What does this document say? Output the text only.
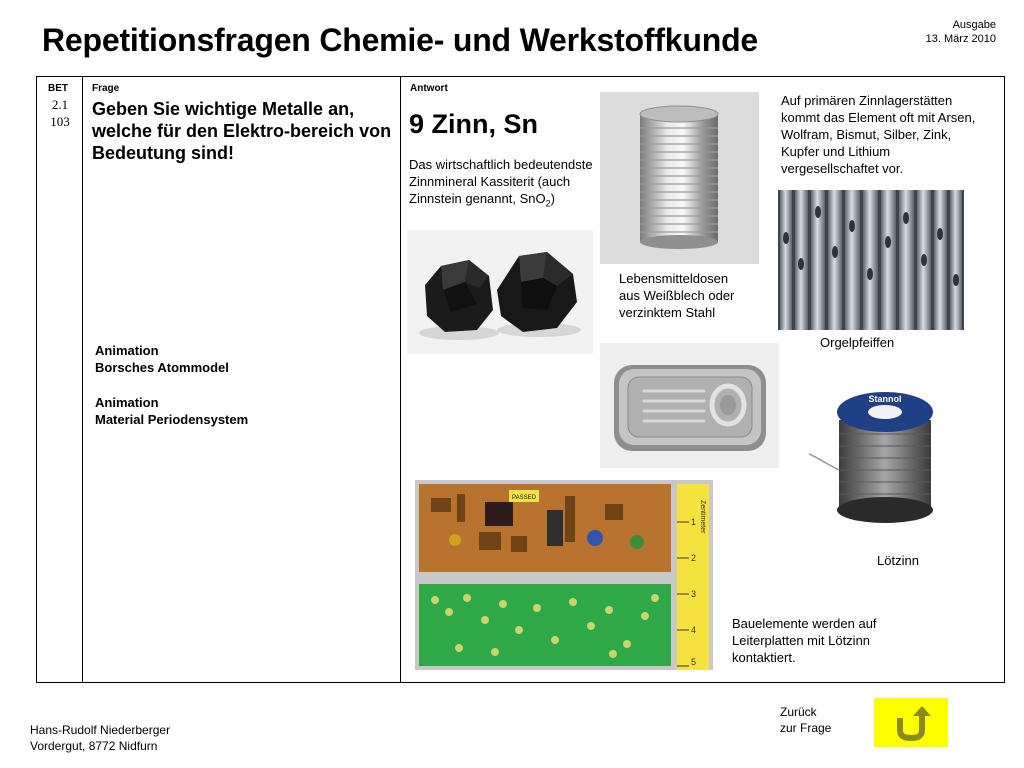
Repetitionsfragen Chemie- und Werkstoffkunde	Ausgabe
13. März 2010
BET
2.1
103
Frage
Geben Sie wichtige Metalle an, welche für den Elektro-bereich von Bedeutung sind!
Animation
Borsches Atommodel
Animation
Material Periodensystem
Antwort
9 Zinn, Sn
Das wirtschaftlich bedeutendste Zinnmineral Kassiterit (auch Zinnstein genannt, SnO$_2$)
Lebensmitteldosen aus Weißblech oder verzinktem Stahl
Auf primären Zinnlagerstätten kommt das Element oft mit Arsen, Wolfram, Bismut, Silber, Zink, Kupfer und Lithium vergesellschaftet vor.
Orgelpfeiffen
Stannol
Lötzinn
PASSED
1
2
3
4
5
Zentimeter
Bauelemente werden auf Leiterplatten mit Lötzinn kontaktiert.
Hans-Rudolf Niederberger
Vordergut, 8772 Nidfurn
Zurück
zur Frage
